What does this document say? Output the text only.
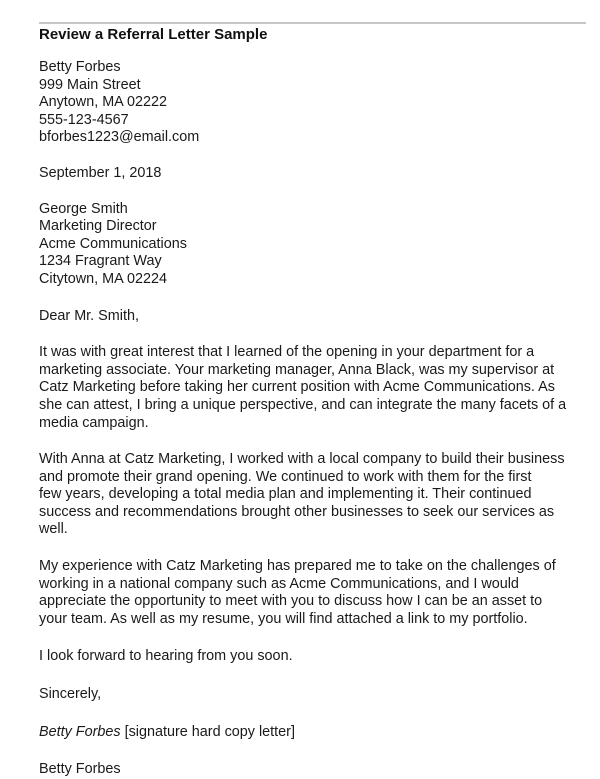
Review a Referral Letter Sample
Betty Forbes
999 Main Street
Anytown, MA 02222
555-123-4567
bforbes1223@email.com
September 1, 2018
George Smith
Marketing Director
Acme Communications
1234 Fragrant Way
Citytown, MA 02224
Dear Mr. Smith,
It was with great interest that I learned of the opening in your department for a
marketing associate. Your marketing manager, Anna Black, was my supervisor at
Catz Marketing before taking her current position with Acme Communications. As
she can attest, I bring a unique perspective, and can integrate the many facets of a
media campaign.
With Anna at Catz Marketing, I worked with a local company to build their business
and promote their grand opening. We continued to work with them for the first
few years, developing a total media plan and implementing it. Their continued
success and recommendations brought other businesses to seek our services as
well.
My experience with Catz Marketing has prepared me to take on the challenges of
working in a national company such as Acme Communications, and I would
appreciate the opportunity to meet with you to discuss how I can be an asset to
your team. As well as my resume, you will find attached a link to my portfolio.
I look forward to hearing from you soon.
Sincerely,
Betty Forbes [signature hard copy letter]
Betty Forbes
